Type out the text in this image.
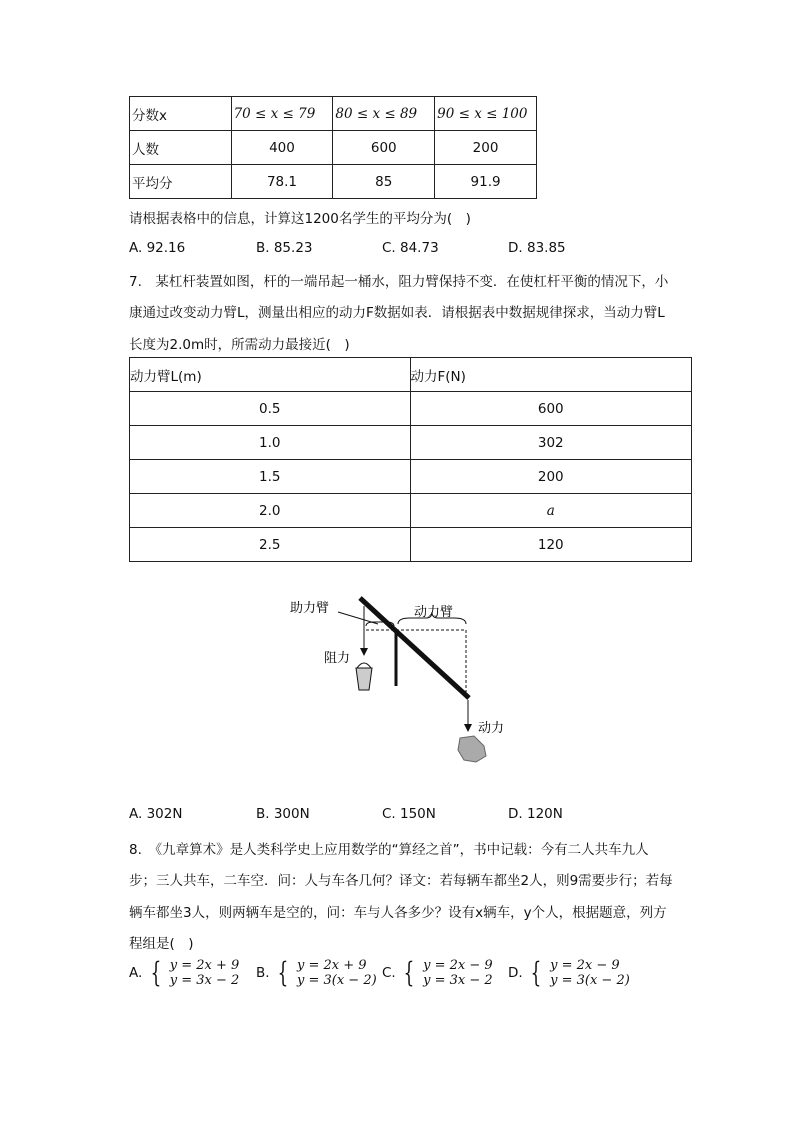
分数x	70 ≤ x ≤ 79	80 ≤ x ≤ 89	90 ≤ x ≤ 100
人数	400	600	200
平均分	78.1	85	91.9
请根据表格中的信息，计算这1200名学生的平均分为(　)
A. 92.16	B. 85.23	C. 84.73	D. 83.85
7.　某杠杆装置如图，杆的一端吊起一桶水，阻力臂保持不变．在使杠杆平衡的情况下，小
康通过改变动力臂L，测量出相应的动力F数据如表．请根据表中数据规律探求，当动力臂L
长度为2.0m时，所需动力最接近(　)
动力臂L(m)	动力F(N)
0.5	600
1.0	302
1.5	200
2.0	a
2.5	120
助力臂	动力臂
阻力
动力
A. 302N	B. 300N	C. 150N	D. 120N
8.　《九章算术》是人类科学史上应用数学的“算经之首”，书中记载：今有二人共车九人
步；三人共车，二车空．问：人与车各几何？译文：若每辆车都坐2人，则9需要步行；若每
辆车都坐3人，则两辆车是空的，问：车与人各多少？设有x辆车，y个人，根据题意，列方
程组是(　)
A. { y = 2x + 9
y = 3x − 2 B. { y = 2x + 9
y = 3(x − 2) C. { y = 2x − 9
y = 3x − 2 D. { y = 2x − 9
y = 3(x − 2)
